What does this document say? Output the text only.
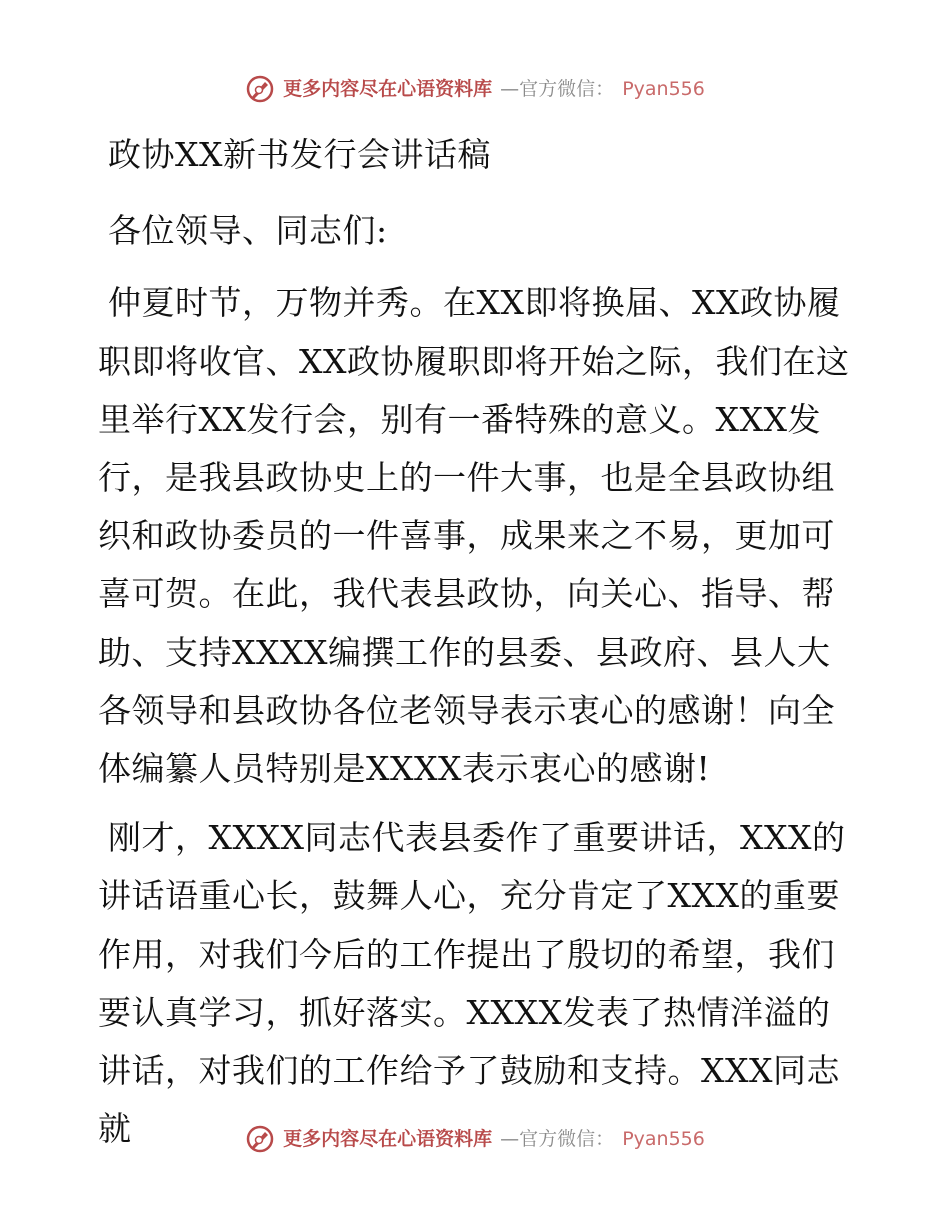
更多内容尽在心语资料库 —官方微信： Pyan556

政协XX新书发行会讲话稿

各位领导、同志们:

仲夏时节，万物并秀。在XX即将换届、XX政协履职即将收官、XX政协履职即将开始之际，我们在这里举行XX发行会，别有一番特殊的意义。XXX发行，是我县政协史上的一件大事，也是全县政协组织和政协委员的一件喜事，成果来之不易，更加可喜可贺。在此，我代表县政协，向关心、指导、帮助、支持XXXX编撰工作的县委、县政府、县人大各领导和县政协各位老领导表示衷心的感谢！向全体编纂人员特别是XXXX表示衷心的感谢!

刚才，XXXX同志代表县委作了重要讲话，XXX的讲话语重心长，鼓舞人心，充分肯定了XXX的重要作用，对我们今后的工作提出了殷切的希望，我们要认真学习，抓好落实。XXXX发表了热情洋溢的讲话，对我们的工作给予了鼓励和支持。XXX同志就	更多内容尽在心语资料库 —官方微信： Pyan556
